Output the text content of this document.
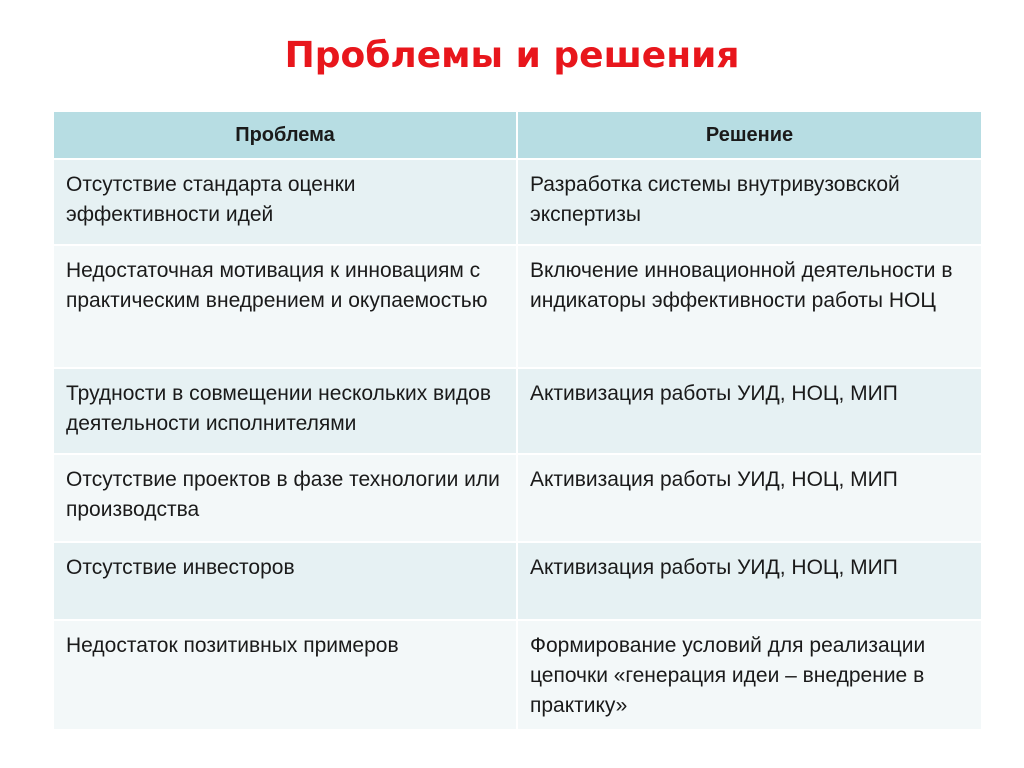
Проблемы и решения
Проблема	Решение
Отсутствие стандарта оценки эффективности идей	Разработка системы внутривузовской экспертизы
Недостаточная мотивация к инновациям с практическим внедрением и окупаемостью	Включение инновационной деятельности в индикаторы эффективности работы НОЦ
Трудности в совмещении нескольких видов деятельности исполнителями	Активизация работы УИД, НОЦ, МИП
Отсутствие проектов в фазе технологии или производства	Активизация работы УИД, НОЦ, МИП
Отсутствие инвесторов	Активизация работы УИД, НОЦ, МИП
Недостаток позитивных примеров	Формирование условий для реализации цепочки «генерация идеи – внедрение в практику»
